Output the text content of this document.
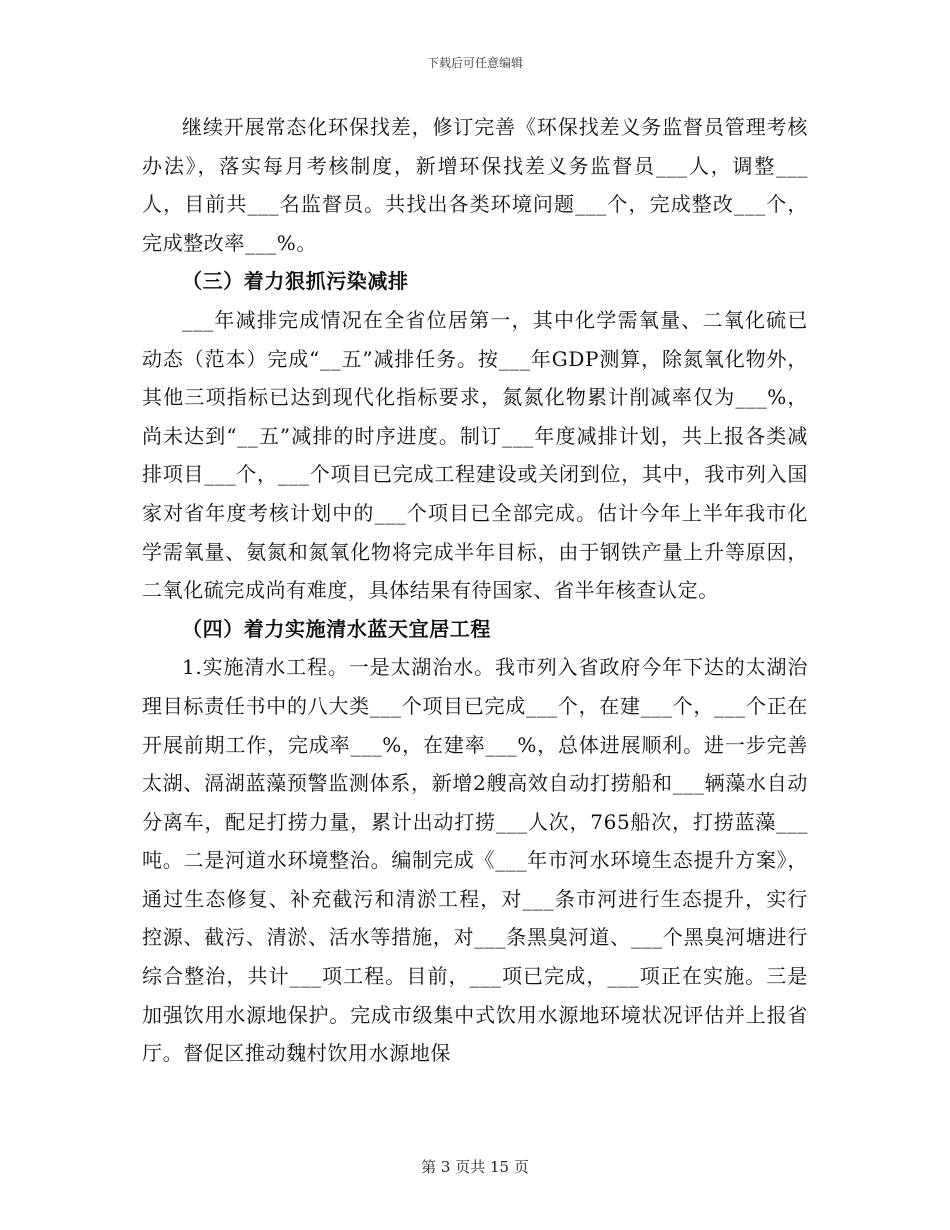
下载后可任意编辑

继续开展常态化环保找差，修订完善《环保找差义务监督员管理考核办法》，落实每月考核制度，新增环保找差义务监督员___人，调整___人，目前共___名监督员。共找出各类环境问题___个，完成整改___个，完成整改率___%。

（三）着力狠抓污染减排

___年减排完成情况在全省位居第一，其中化学需氧量、二氧化硫已动态（范本）完成“__五”减排任务。按___年GDP测算，除氮氧化物外，其他三项指标已达到现代化指标要求，氮氮化物累计削减率仅为___%，尚未达到“__五”减排的时序进度。制订___年度减排计划，共上报各类减排项目___个，___个项目已完成工程建设或关闭到位，其中，我市列入国家对省年度考核计划中的___个项目已全部完成。估计今年上半年我市化学需氧量、氨氮和氮氧化物将完成半年目标，由于钢铁产量上升等原因，二氧化硫完成尚有难度，具体结果有待国家、省半年核查认定。

（四）着力实施清水蓝天宜居工程

1.实施清水工程。一是太湖治水。我市列入省政府今年下达的太湖治理目标责任书中的八大类___个项目已完成___个，在建___个，___个正在开展前期工作，完成率___%，在建率___%，总体进展顺利。进一步完善太湖、滆湖蓝藻预警监测体系，新增2艘高效自动打捞船和___辆藻水自动分离车，配足打捞力量，累计出动打捞___人次，765船次，打捞蓝藻___吨。二是河道水环境整治。编制完成《___年市河水环境生态提升方案》，通过生态修复、补充截污和清淤工程，对___条市河进行生态提升，实行控源、截污、清淤、活水等措施，对___条黑臭河道、___个黑臭河塘进行综合整治，共计___项工程。目前，___项已完成，___项正在实施。三是加强饮用水源地保护。完成市级集中式饮用水源地环境状况评估并上报省厅。督促区推动魏村饮用水源地保

第 3 页共 15 页
